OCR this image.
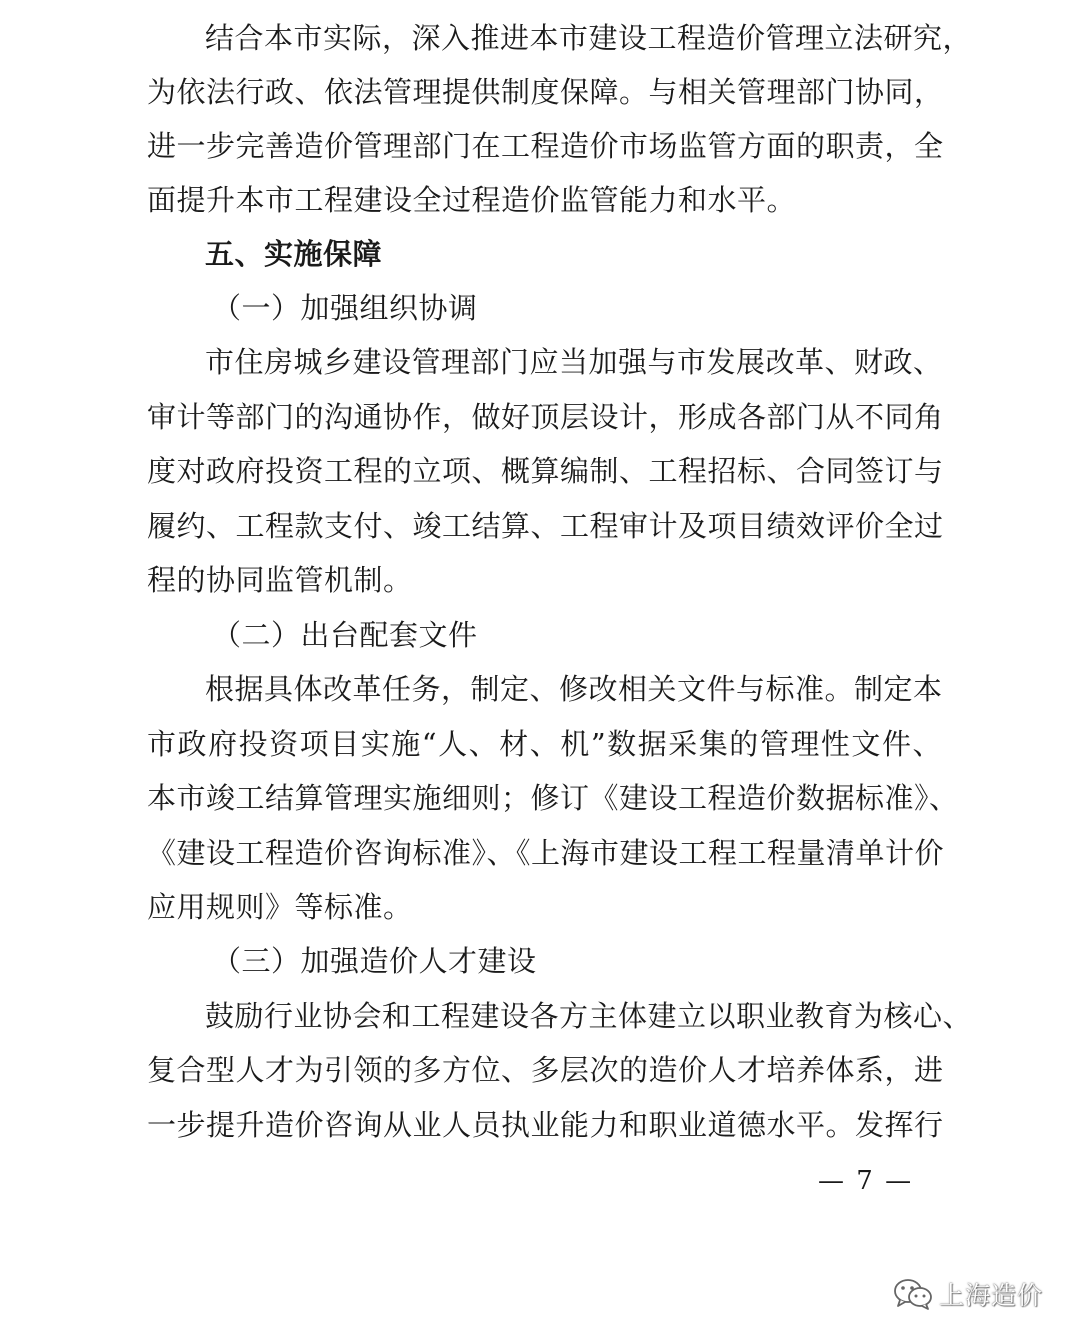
结合本市实际，深入推进本市建设工程造价管理立法研究，
为依法行政、依法管理提供制度保障。与相关管理部门协同，
进一步完善造价管理部门在工程造价市场监管方面的职责，全
面提升本市工程建设全过程造价监管能力和水平。
五、实施保障
（一）加强组织协调
市住房城乡建设管理部门应当加强与市发展改革、财政、
审计等部门的沟通协作，做好顶层设计，形成各部门从不同角
度对政府投资工程的立项、概算编制、工程招标、合同签订与
履约、工程款支付、竣工结算、工程审计及项目绩效评价全过
程的协同监管机制。
（二）出台配套文件
根据具体改革任务，制定、修改相关文件与标准。制定本
市政府投资项目实施“人、材、机”数据采集的管理性文件、
本市竣工结算管理实施细则；修订《建设工程造价数据标准》、
《建设工程造价咨询标准》、《上海市建设工程工程量清单计价
应用规则》等标准。
（三）加强造价人才建设
鼓励行业协会和工程建设各方主体建立以职业教育为核心、
复合型人才为引领的多方位、多层次的造价人才培养体系，进
一步提升造价咨询从业人员执业能力和职业道德水平。发挥行
— 7 —
上海造价
